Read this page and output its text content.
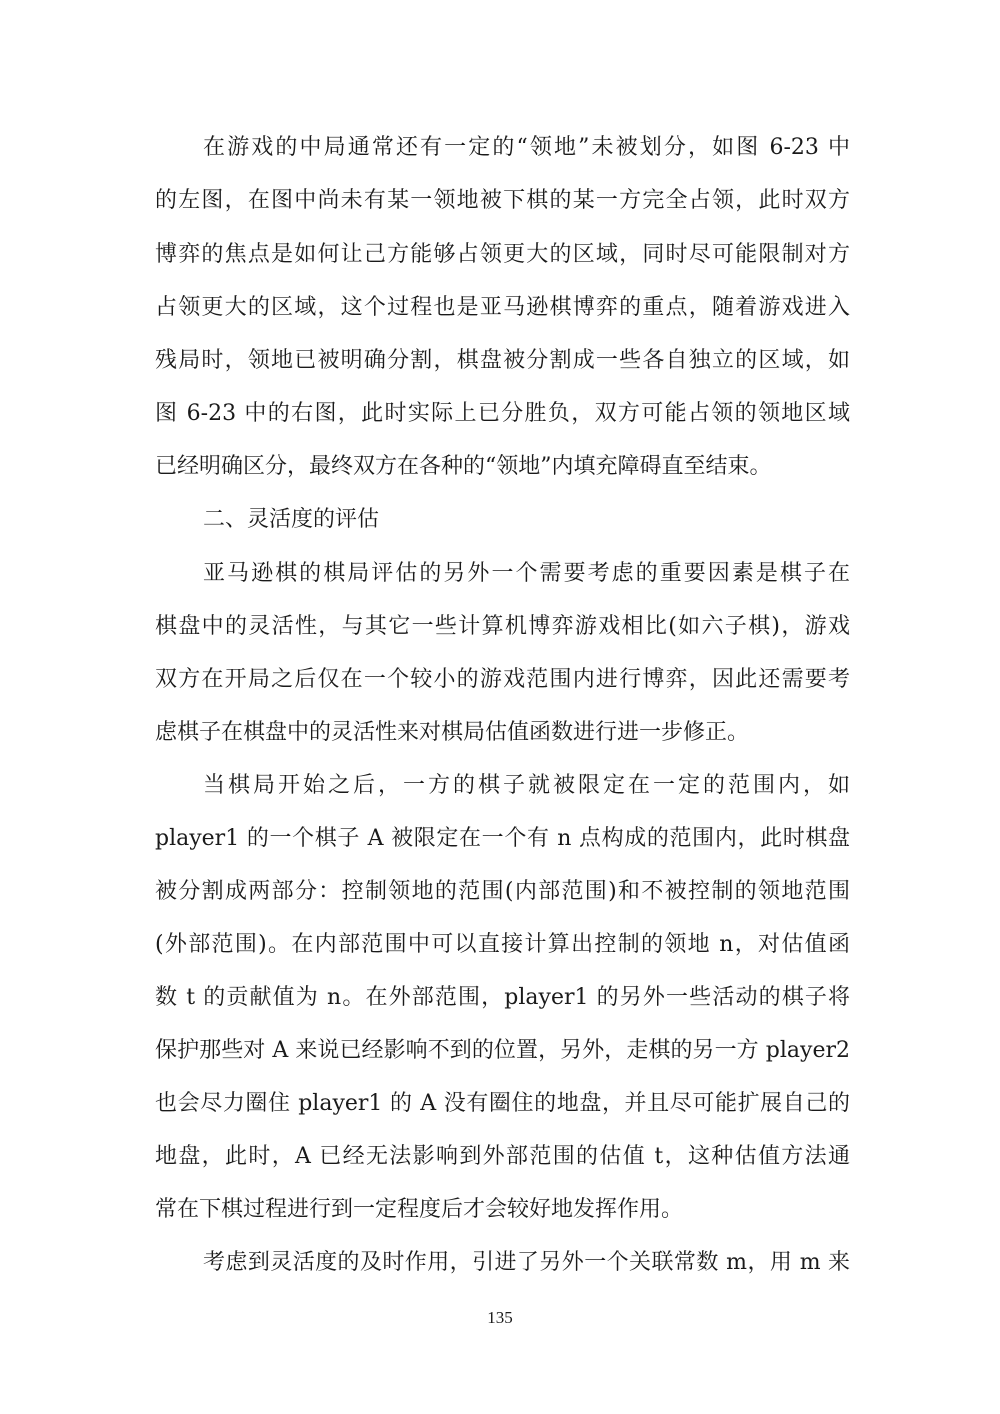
在游戏的中局通常还有一定的“领地”未被划分，如图 6-23 中
的左图，在图中尚未有某一领地被下棋的某一方完全占领，此时双方
博弈的焦点是如何让己方能够占领更大的区域，同时尽可能限制对方
占领更大的区域，这个过程也是亚马逊棋博弈的重点，随着游戏进入
残局时，领地已被明确分割，棋盘被分割成一些各自独立的区域，如
图 6-23 中的右图，此时实际上已分胜负，双方可能占领的领地区域
已经明确区分，最终双方在各种的“领地”内填充障碍直至结束。
二、灵活度的评估
亚马逊棋的棋局评估的另外一个需要考虑的重要因素是棋子在
棋盘中的灵活性，与其它一些计算机博弈游戏相比(如六子棋)，游戏
双方在开局之后仅在一个较小的游戏范围内进行博弈，因此还需要考
虑棋子在棋盘中的灵活性来对棋局估值函数进行进一步修正。
当棋局开始之后，一方的棋子就被限定在一定的范围内，如
player1 的一个棋子 A 被限定在一个有 n 点构成的范围内，此时棋盘
被分割成两部分：控制领地的范围(内部范围)和不被控制的领地范围
(外部范围)。在内部范围中可以直接计算出控制的领地 n，对估值函
数 t 的贡献值为 n。在外部范围，player1 的另外一些活动的棋子将
保护那些对 A 来说已经影响不到的位置，另外，走棋的另一方 player2
也会尽力圈住 player1 的 A 没有圈住的地盘，并且尽可能扩展自己的
地盘，此时，A 已经无法影响到外部范围的估值 t，这种估值方法通
常在下棋过程进行到一定程度后才会较好地发挥作用。
考虑到灵活度的及时作用，引进了另外一个关联常数 m，用 m 来
135
